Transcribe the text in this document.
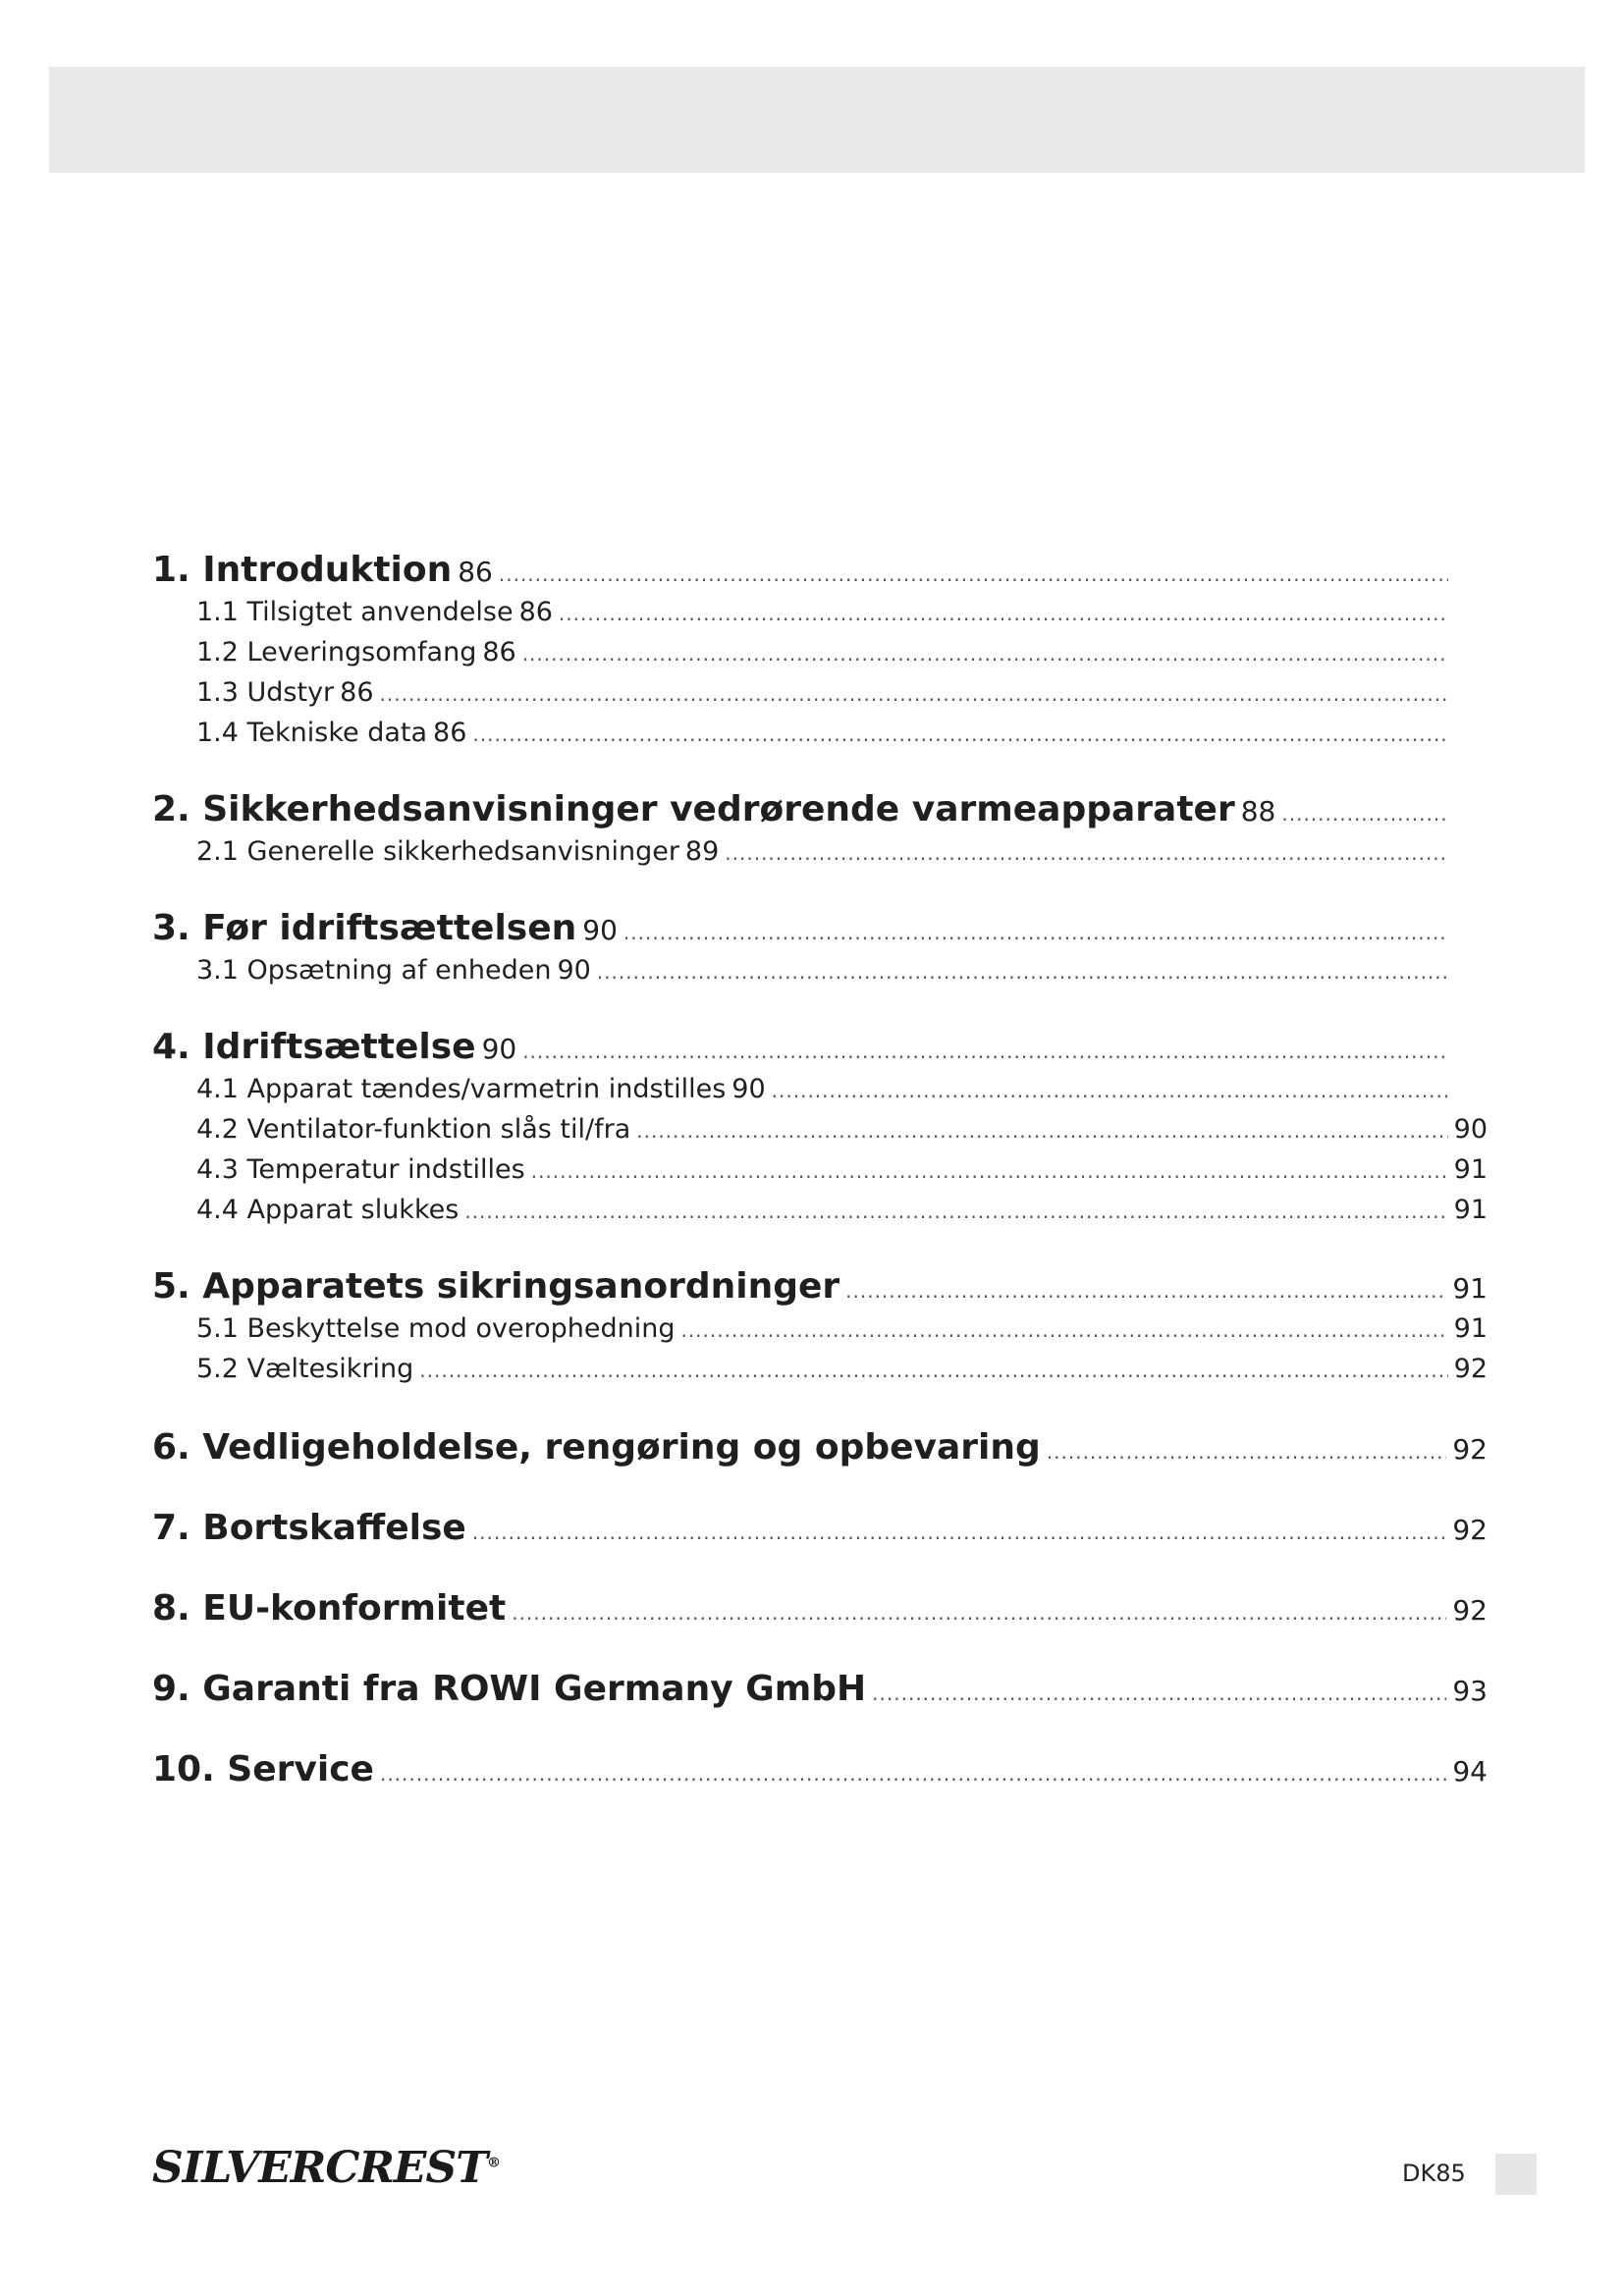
1. Introduktion ..... 86
1.1 Tilsigtet anvendelse ..... 86
1.2 Leveringsomfang ..... 86
1.3 Udstyr ..... 86
1.4 Tekniske data ..... 86
2. Sikkerhedsanvisninger vedrørende varmeapparater ..... 88
2.1 Generelle sikkerhedsanvisninger ..... 89
3. Før idriftsættelsen ..... 90
3.1 Opsætning af enheden ..... 90
4. Idriftsættelse ..... 90
4.1 Apparat tændes/varmetrin indstilles ..... 90
4.2 Ventilator-funktion slås til/fra .....	90
4.3 Temperatur indstilles .....	91
4.4 Apparat slukkes .....	91
5. Apparatets sikringsanordninger .....	91
5.1 Beskyttelse mod overophedning .....	91
5.2 Væltesikring .....	92
6. Vedligeholdelse, rengøring og opbevaring .....	92
7. Bortskaffelse .....	92
8. EU-konformitet .....	92
9. Garanti fra ROWI Germany GmbH .....	93
10. Service .....	94
SILVERCREST®	DK85
